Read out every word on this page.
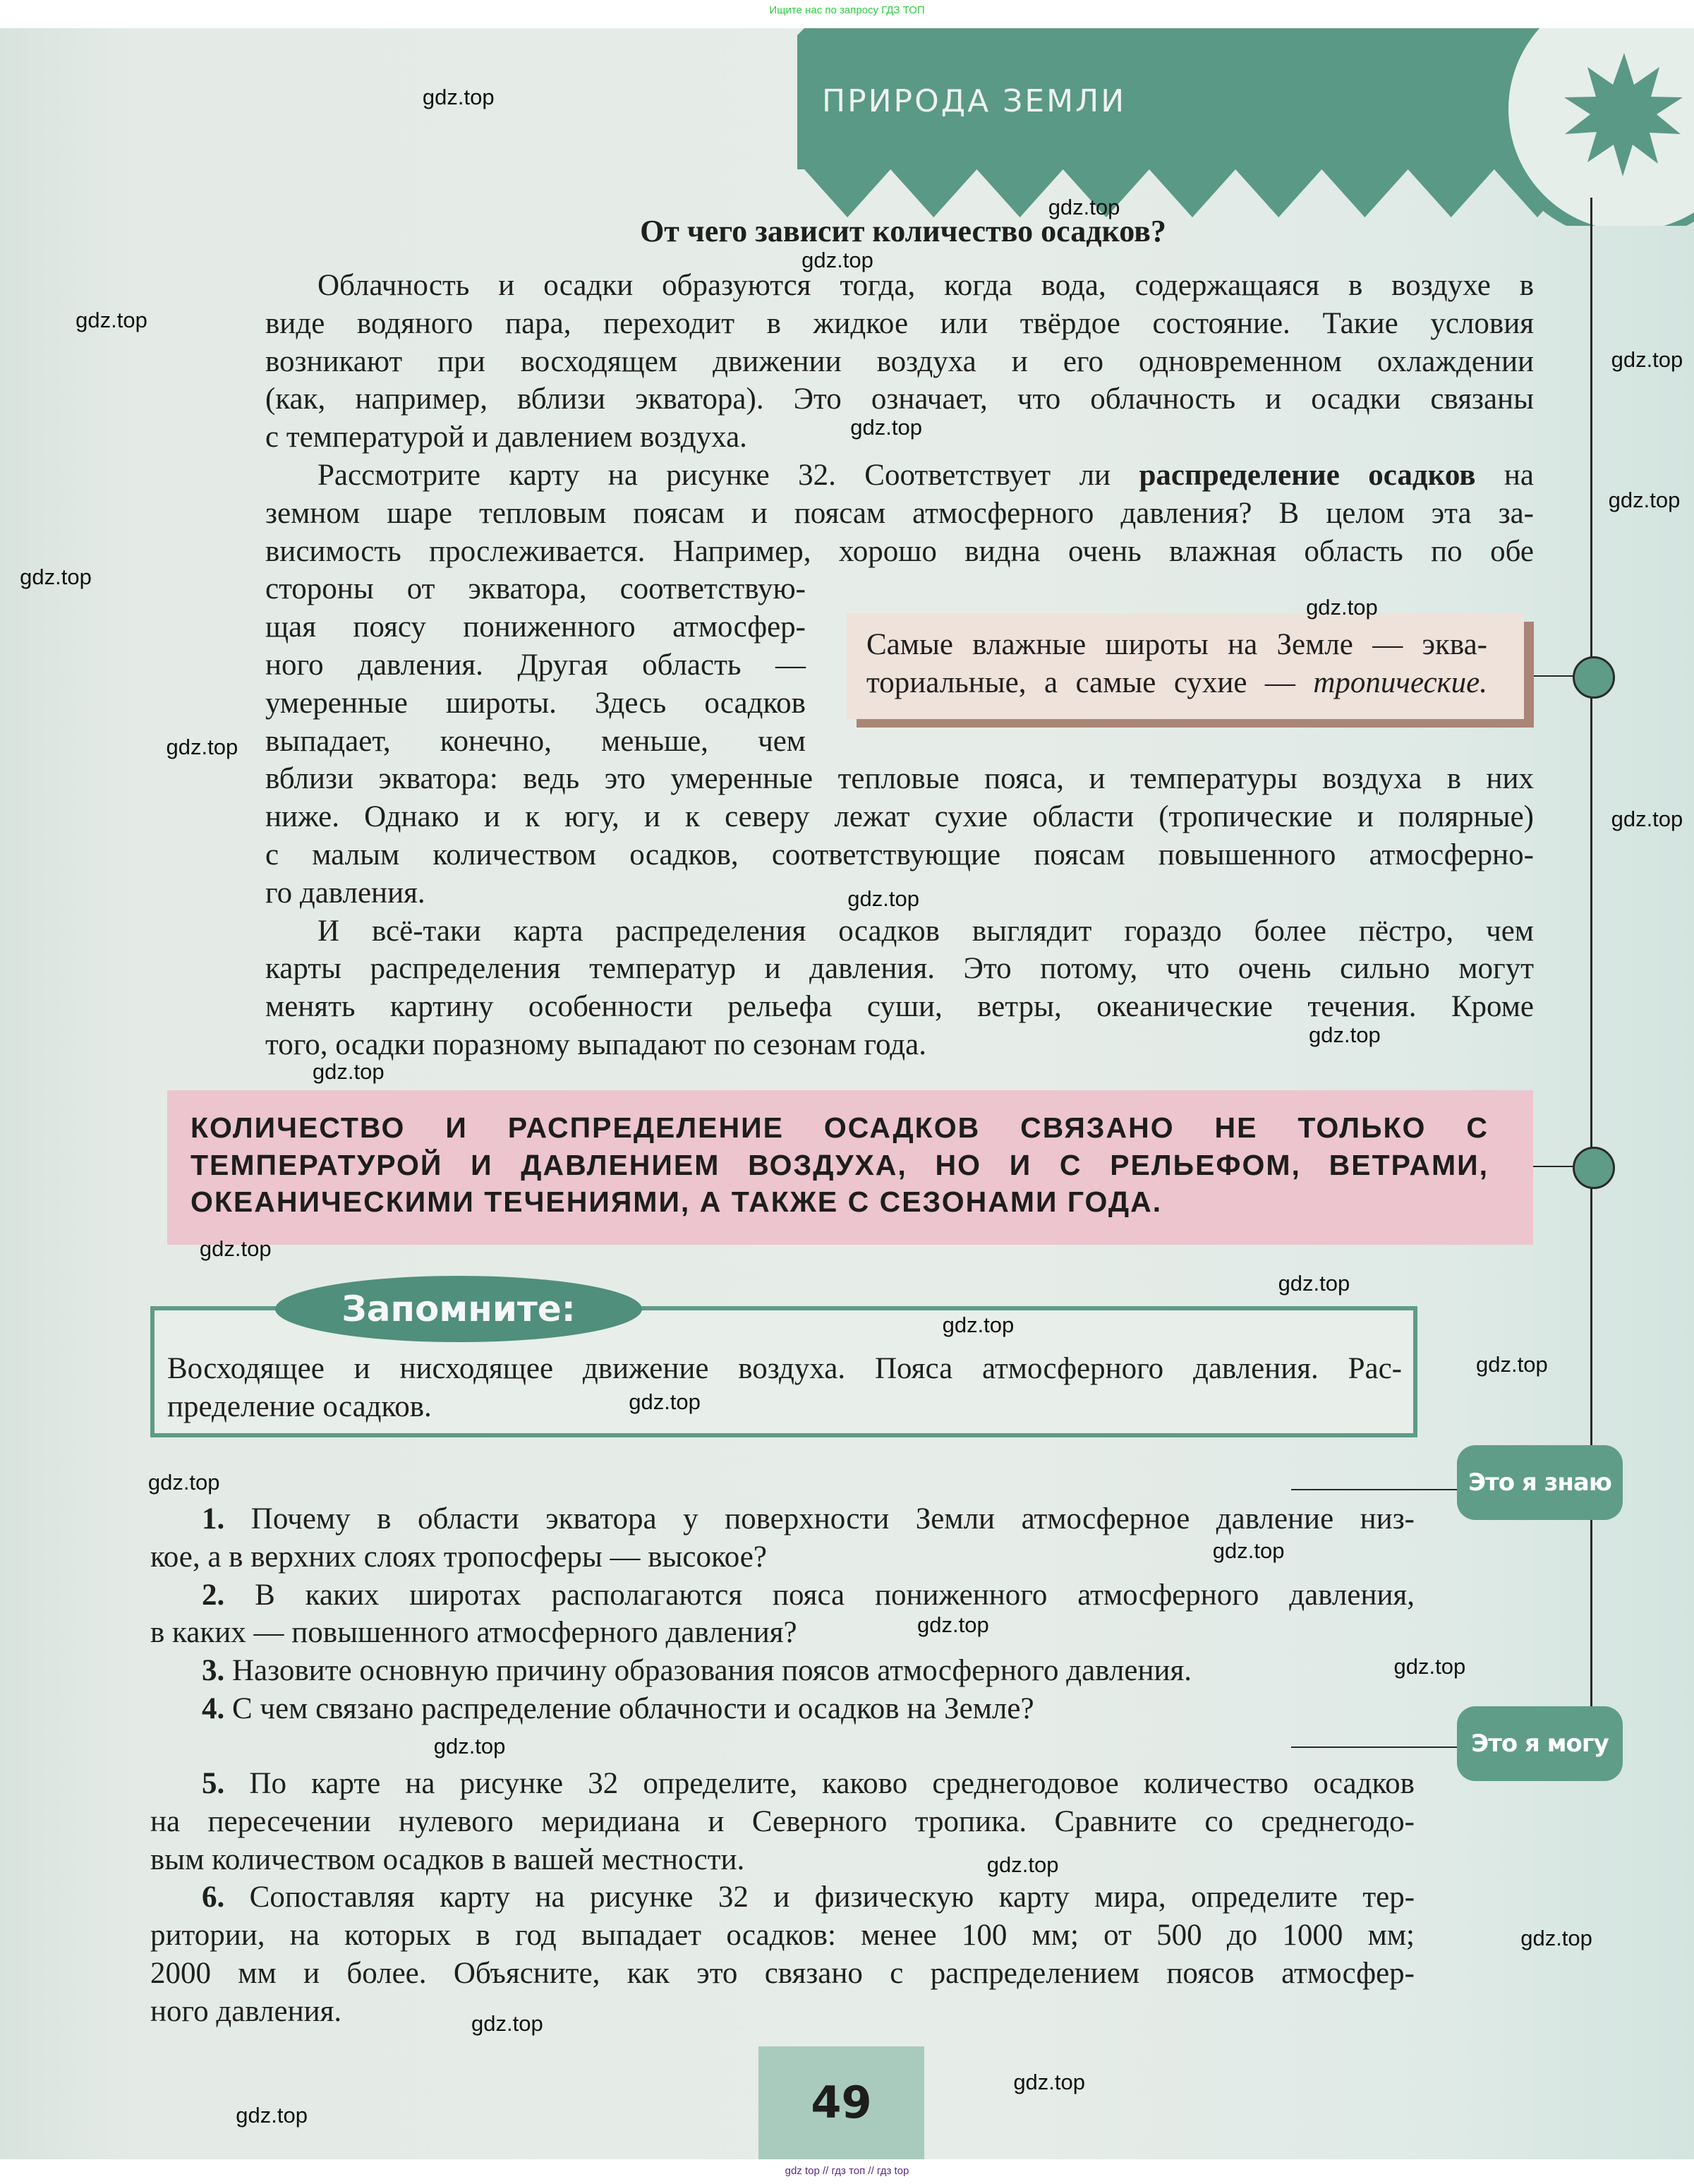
Ищите нас по запросу ГДЗ ТОП
ПРИРОДА ЗЕМЛИ
От чего зависит количество осадков?
Облачность и осадки образуются тогда, когда вода, содержащаяся в воздухе в
виде водяного пара, переходит в жидкое или твёрдое состояние. Такие условия
возникают при восходящем движении воздуха и его одновременном охлаждении
(как, например, вблизи экватора). Это означает, что облачность и осадки связаны
с температурой и давлением воздуха.
Рассмотрите карту на рисунке 32. Соответствует ли распределение осадков на
земном шаре тепловым поясам и поясам атмосферного давления? В целом эта за-
висимость прослеживается. Например, хорошо видна очень влажная область по обе
стороны от экватора, соответствую-
щая поясу пониженного атмосфер-
ного давления. Другая область —
умеренные широты. Здесь осадков
выпадает, конечно, меньше, чем
вблизи экватора: ведь это умеренные тепловые пояса, и температуры воздуха в них
ниже. Однако и к югу, и к северу лежат сухие области (тропические и полярные)
с малым количеством осадков, соответствующие поясам повышенного атмосферно-
го давления.
И всё-таки карта распределения осадков выглядит гораздо более пёстро, чем
карты распределения температур и давления. Это потому, что очень сильно могут
менять картину особенности рельефа суши, ветры, океанические течения. Кроме
того, осадки поразному выпадают по сезонам года.
Самые влажные широты на Земле — эква-
ториальные, а самые сухие — тропические.
КОЛИЧЕСТВО И РАСПРЕДЕЛЕНИЕ ОСАДКОВ СВЯЗАНО НЕ ТОЛЬКО С
ТЕМПЕРАТУРОЙ И ДАВЛЕНИЕМ ВОЗДУХА, НО И С РЕЛЬЕФОМ, ВЕТРАМИ,
ОКЕАНИЧЕСКИМИ ТЕЧЕНИЯМИ, А ТАКЖЕ С СЕЗОНАМИ ГОДА.
Восходящее и нисходящее движение воздуха. Пояса атмосферного давления. Рас-
пределение осадков.
Запомните:
Это я знаю
Это я могу
1. Почему в области экватора у поверхности Земли атмосферное давление низ-
кое, а в верхних слоях тропосферы — высокое?
2. В каких широтах располагаются пояса пониженного атмосферного давления,
в каких — повышенного атмосферного давления?
3. Назовите основную причину образования поясов атмосферного давления.
4. С чем связано распределение облачности и осадков на Земле?
5. По карте на рисунке 32 определите, каково среднегодовое количество осадков
на пересечении нулевого меридиана и Северного тропика. Сравните со среднегодо-
вым количеством осадков в вашей местности.
6. Сопоставляя карту на рисунке 32 и физическую карту мира, определите тер-
ритории, на которых в год выпадает осадков: менее 100 мм; от 500 до 1000 мм;
2000 мм и более. Объясните, как это связано с распределением поясов атмосфер-
ного давления.
49
gdz.top
gdz.top
gdz.top
gdz.top
gdz.top
gdz.top
gdz.top
gdz.top
gdz.top
gdz.top
gdz.top
gdz.top
gdz.top
gdz.top
gdz.top
gdz.top
gdz.top
gdz.top
gdz.top
gdz.top
gdz.top
gdz.top
gdz.top
gdz.top
gdz.top
gdz.top
gdz.top
gdz.top
gdz.top
gdz top // гдз топ // гдз top
